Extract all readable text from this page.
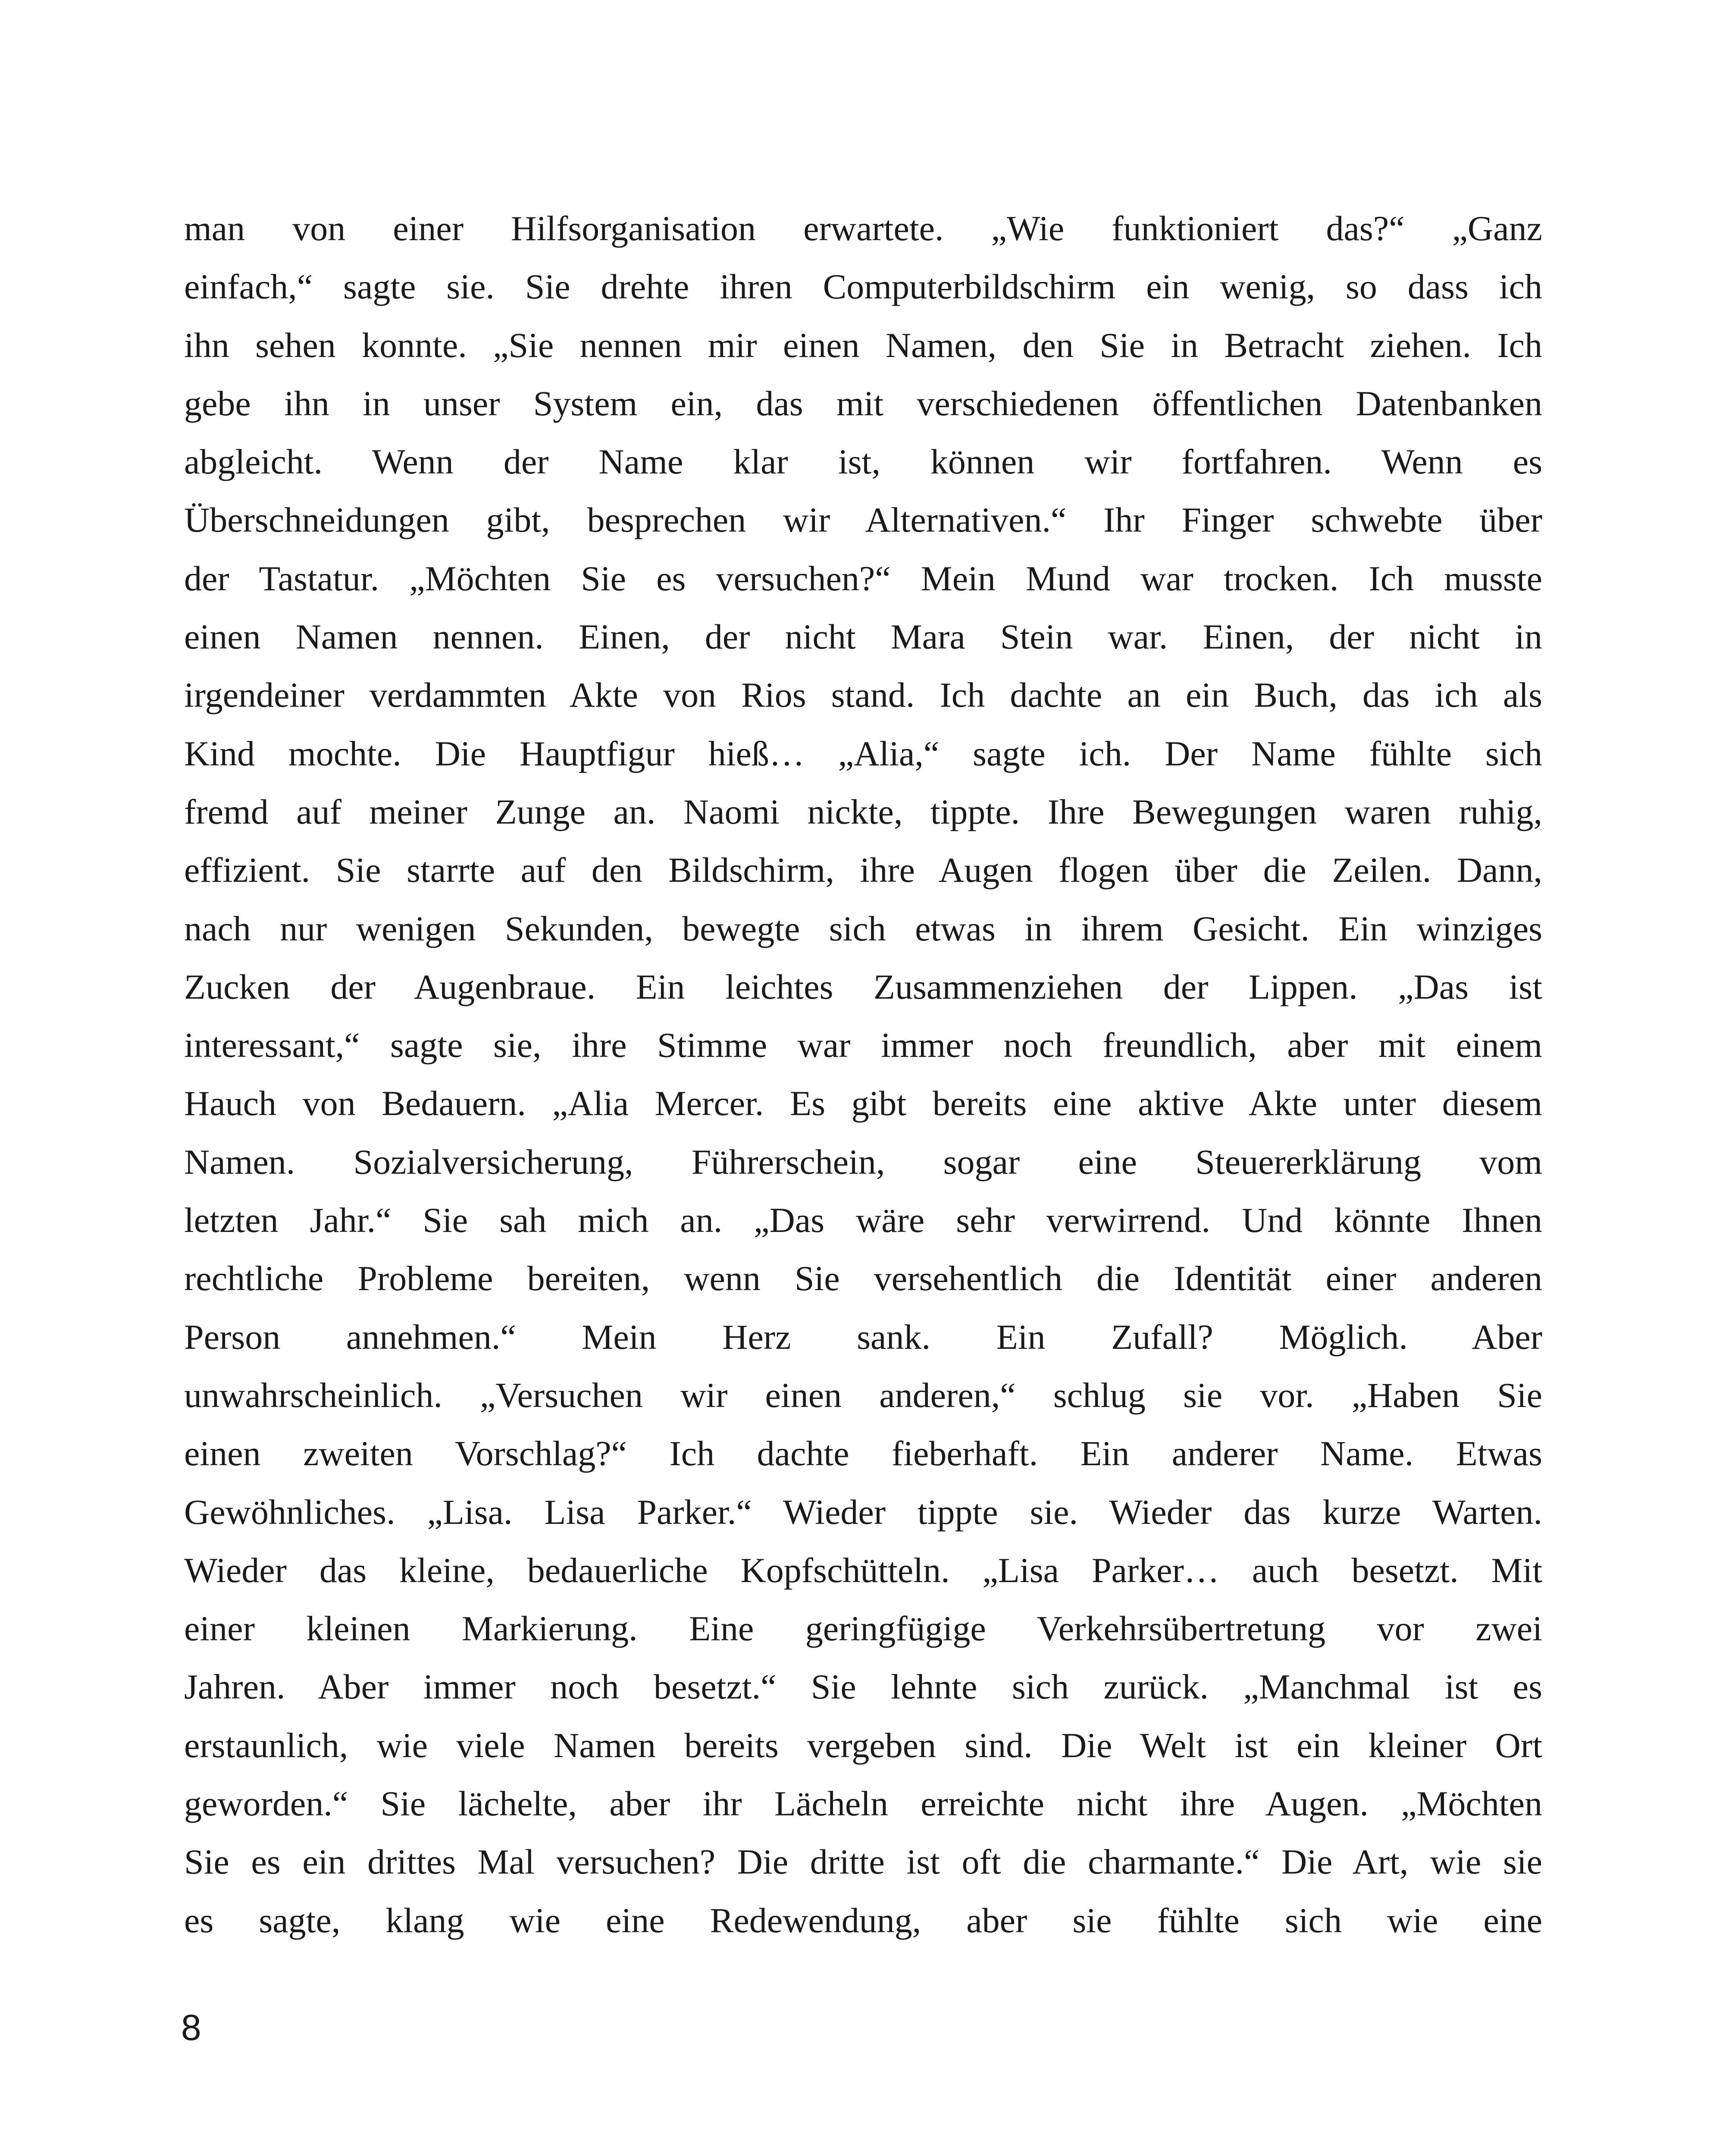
man von einer Hilfsorganisation erwartete. „Wie funktioniert das?“ „Ganz
einfach,“ sagte sie. Sie drehte ihren Computerbildschirm ein wenig, so dass ich
ihn sehen konnte. „Sie nennen mir einen Namen, den Sie in Betracht ziehen. Ich
gebe ihn in unser System ein, das mit verschiedenen öffentlichen Datenbanken
abgleicht. Wenn der Name klar ist, können wir fortfahren. Wenn es
Überschneidungen gibt, besprechen wir Alternativen.“ Ihr Finger schwebte über
der Tastatur. „Möchten Sie es versuchen?“ Mein Mund war trocken. Ich musste
einen Namen nennen. Einen, der nicht Mara Stein war. Einen, der nicht in
irgendeiner verdammten Akte von Rios stand. Ich dachte an ein Buch, das ich als
Kind mochte. Die Hauptfigur hieß… „Alia,“ sagte ich. Der Name fühlte sich
fremd auf meiner Zunge an. Naomi nickte, tippte. Ihre Bewegungen waren ruhig,
effizient. Sie starrte auf den Bildschirm, ihre Augen flogen über die Zeilen. Dann,
nach nur wenigen Sekunden, bewegte sich etwas in ihrem Gesicht. Ein winziges
Zucken der Augenbraue. Ein leichtes Zusammenziehen der Lippen. „Das ist
interessant,“ sagte sie, ihre Stimme war immer noch freundlich, aber mit einem
Hauch von Bedauern. „Alia Mercer. Es gibt bereits eine aktive Akte unter diesem
Namen. Sozialversicherung, Führerschein, sogar eine Steuererklärung vom
letzten Jahr.“ Sie sah mich an. „Das wäre sehr verwirrend. Und könnte Ihnen
rechtliche Probleme bereiten, wenn Sie versehentlich die Identität einer anderen
Person annehmen.“ Mein Herz sank. Ein Zufall? Möglich. Aber
unwahrscheinlich. „Versuchen wir einen anderen,“ schlug sie vor. „Haben Sie
einen zweiten Vorschlag?“ Ich dachte fieberhaft. Ein anderer Name. Etwas
Gewöhnliches. „Lisa. Lisa Parker.“ Wieder tippte sie. Wieder das kurze Warten.
Wieder das kleine, bedauerliche Kopfschütteln. „Lisa Parker… auch besetzt. Mit
einer kleinen Markierung. Eine geringfügige Verkehrsübertretung vor zwei
Jahren. Aber immer noch besetzt.“ Sie lehnte sich zurück. „Manchmal ist es
erstaunlich, wie viele Namen bereits vergeben sind. Die Welt ist ein kleiner Ort
geworden.“ Sie lächelte, aber ihr Lächeln erreichte nicht ihre Augen. „Möchten
Sie es ein drittes Mal versuchen? Die dritte ist oft die charmante.“ Die Art, wie sie
es sagte, klang wie eine Redewendung, aber sie fühlte sich wie eine

8
